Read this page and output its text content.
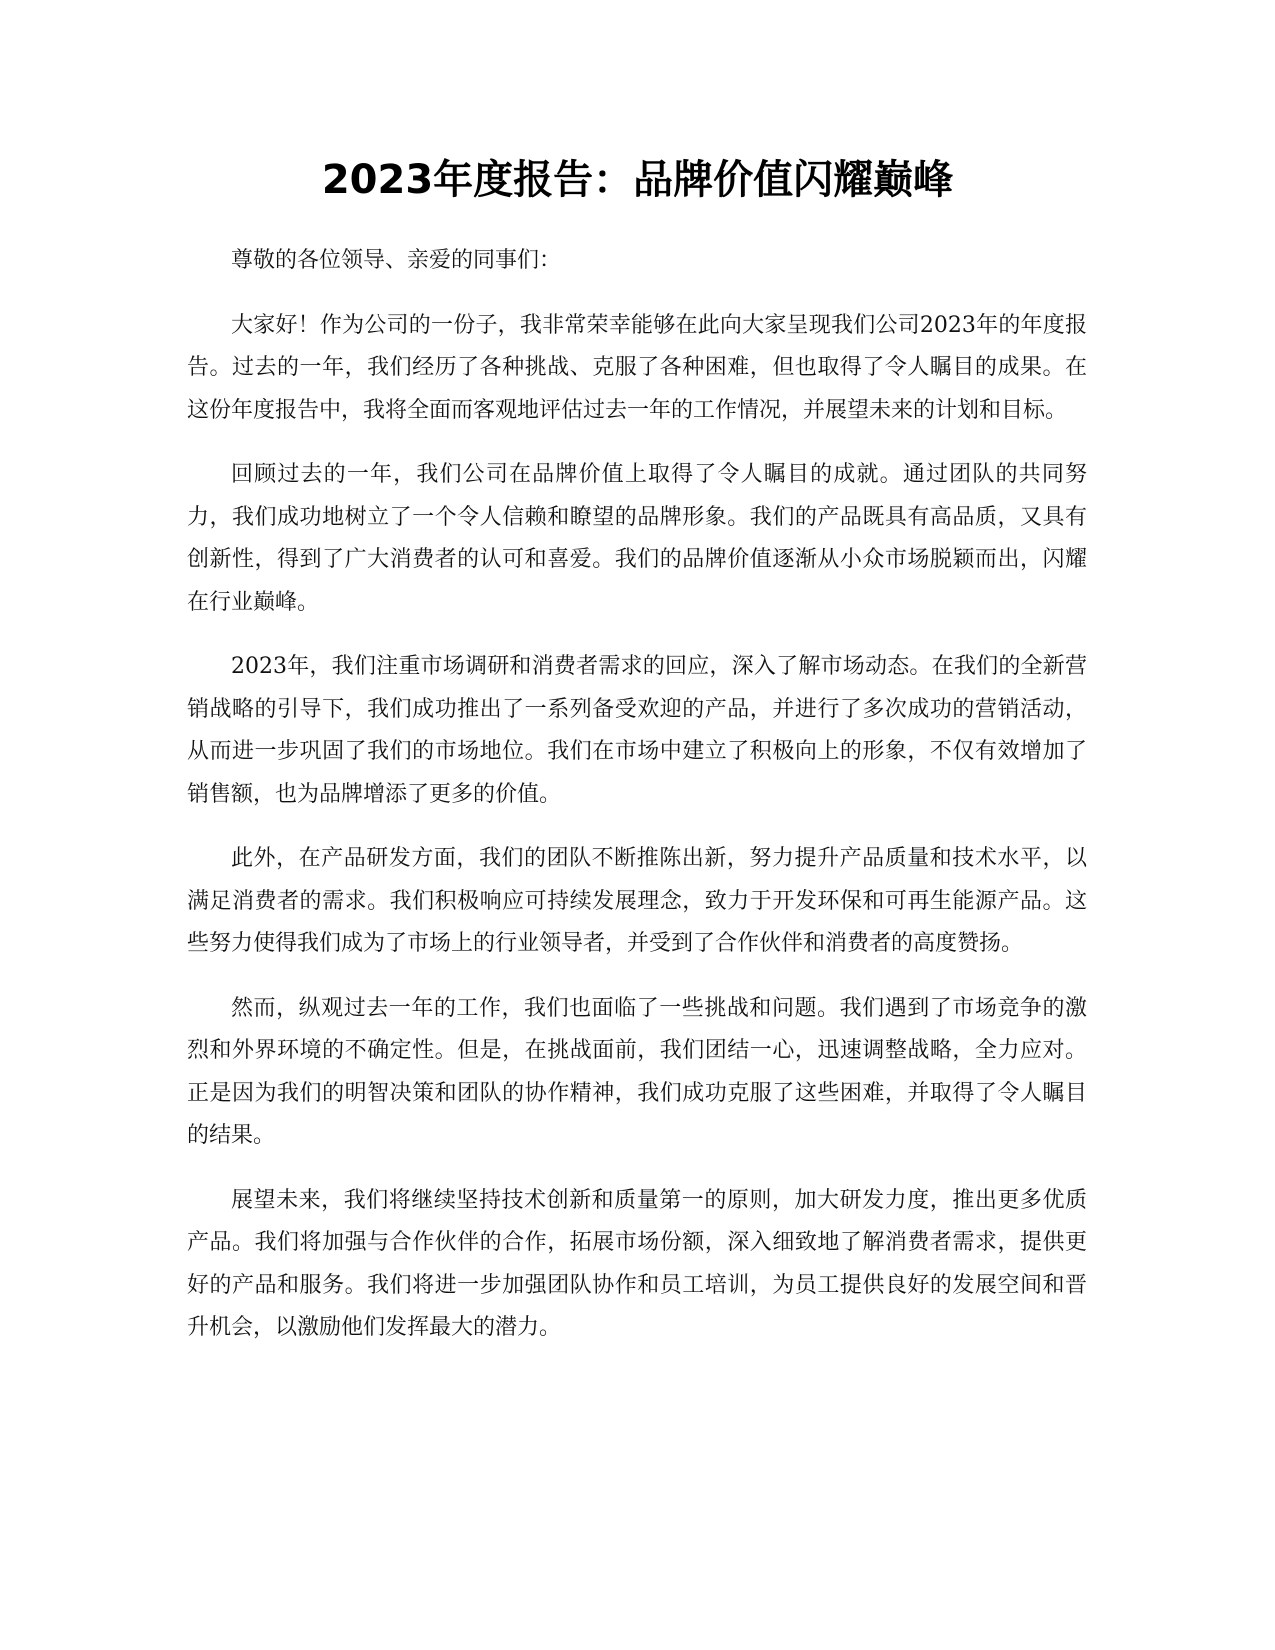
2023年度报告：品牌价值闪耀巅峰

尊敬的各位领导、亲爱的同事们：

大家好！作为公司的一份子，我非常荣幸能够在此向大家呈现我们公司2023年的年度报告。过去的一年，我们经历了各种挑战、克服了各种困难，但也取得了令人瞩目的成果。在这份年度报告中，我将全面而客观地评估过去一年的工作情况，并展望未来的计划和目标。

回顾过去的一年，我们公司在品牌价值上取得了令人瞩目的成就。通过团队的共同努力，我们成功地树立了一个令人信赖和瞭望的品牌形象。我们的产品既具有高品质，又具有创新性，得到了广大消费者的认可和喜爱。我们的品牌价值逐渐从小众市场脱颖而出，闪耀在行业巅峰。

2023年，我们注重市场调研和消费者需求的回应，深入了解市场动态。在我们的全新营销战略的引导下，我们成功推出了一系列备受欢迎的产品，并进行了多次成功的营销活动，从而进一步巩固了我们的市场地位。我们在市场中建立了积极向上的形象，不仅有效增加了销售额，也为品牌增添了更多的价值。

此外，在产品研发方面，我们的团队不断推陈出新，努力提升产品质量和技术水平，以满足消费者的需求。我们积极响应可持续发展理念，致力于开发环保和可再生能源产品。这些努力使得我们成为了市场上的行业领导者，并受到了合作伙伴和消费者的高度赞扬。

然而，纵观过去一年的工作，我们也面临了一些挑战和问题。我们遇到了市场竞争的激烈和外界环境的不确定性。但是，在挑战面前，我们团结一心，迅速调整战略，全力应对。正是因为我们的明智决策和团队的协作精神，我们成功克服了这些困难，并取得了令人瞩目的结果。

展望未来，我们将继续坚持技术创新和质量第一的原则，加大研发力度，推出更多优质产品。我们将加强与合作伙伴的合作，拓展市场份额，深入细致地了解消费者需求，提供更好的产品和服务。我们将进一步加强团队协作和员工培训，为员工提供良好的发展空间和晋升机会，以激励他们发挥最大的潜力。
